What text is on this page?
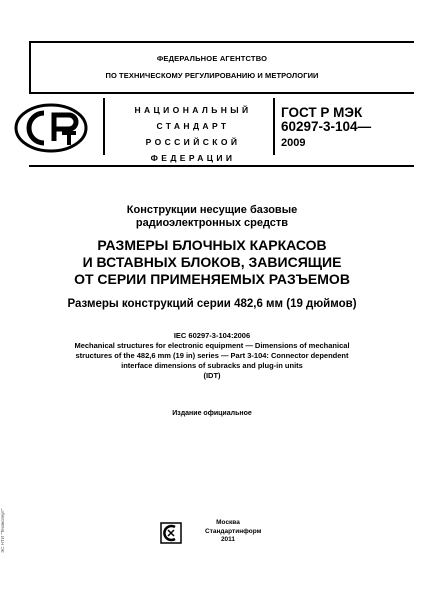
ФЕДЕРАЛЬНОЕ АГЕНТСТВО
ПО ТЕХНИЧЕСКОМУ РЕГУЛИРОВАНИЮ И МЕТРОЛОГИИ
НАЦИОНАЛЬНЫЙ
СТАНДАРТ
РОССИЙСКОЙ
ФЕДЕРАЦИИ
ГОСТ Р МЭК
60297-3-104—
2009
Конструкции несущие базовые
радиоэлектронных средств
РАЗМЕРЫ БЛОЧНЫХ КАРКАСОВ
И ВСТАВНЫХ БЛОКОВ, ЗАВИСЯЩИЕ
ОТ СЕРИИ ПРИМЕНЯЕМЫХ РАЗЪЕМОВ
Размеры конструкций серии 482,6 мм (19 дюймов)
IEC 60297-3-104:2006
Mechanical structures for electronic equipment — Dimensions of mechanical
structures of the 482,6 mm (19 in) series — Part 3-104: Connector dependent
interface dimensions of subracks and plug-in units
(IDT)
Издание официальное
Москва
Стандартинформ
2011
ЭС НТИ "Техэксперт"
